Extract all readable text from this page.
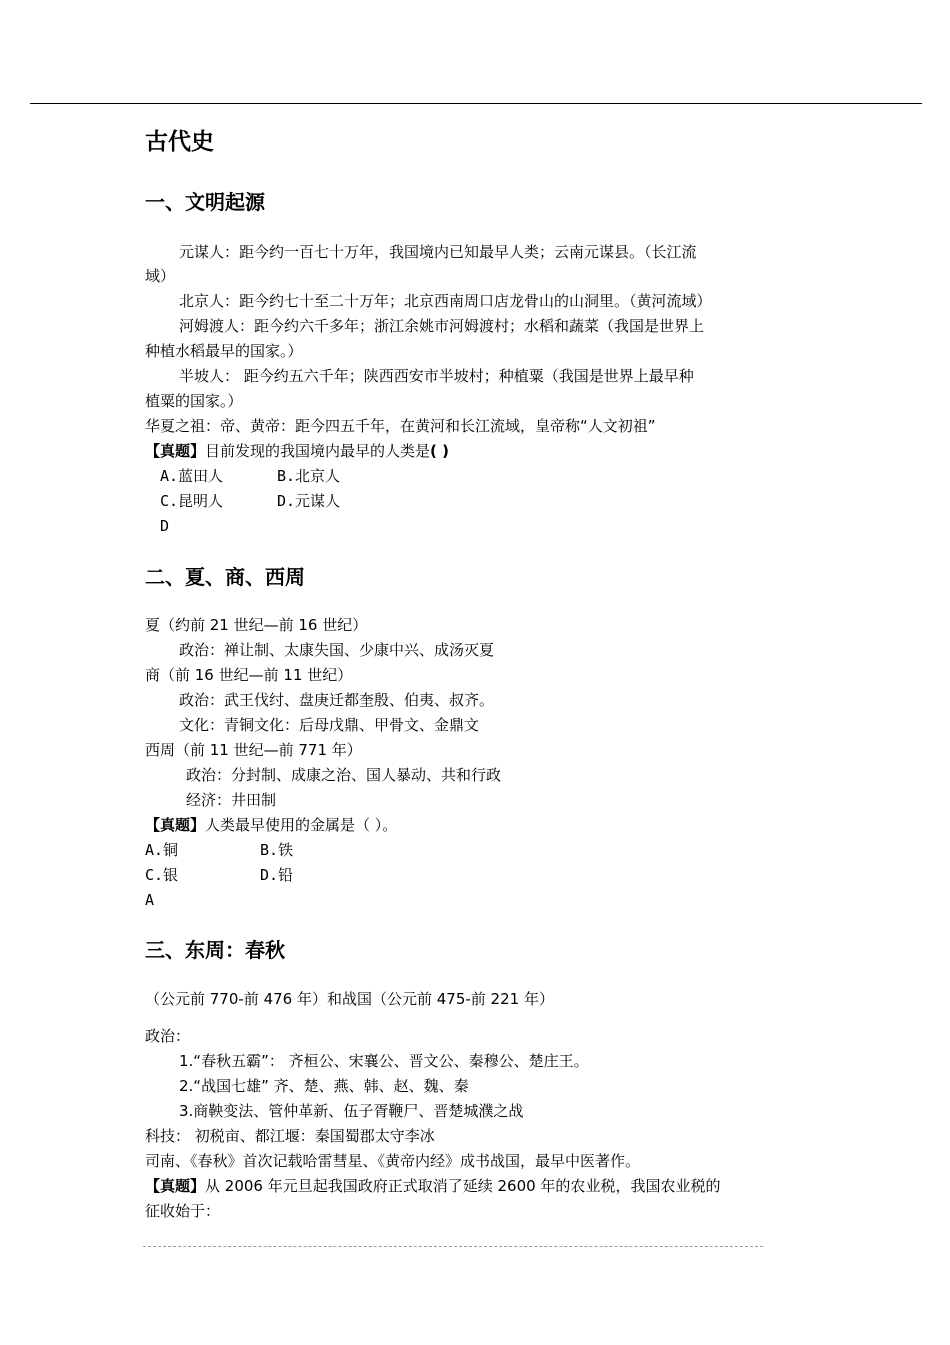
古代史
一、文明起源
元谋人：距今约一百七十万年，我国境内已知最早人类；云南元谋县。（长江流
域）
北京人：距今约七十至二十万年；北京西南周口店龙骨山的山洞里。（黄河流域）
河姆渡人：距今约六千多年；浙江余姚市河姆渡村；水稻和蔬菜（我国是世界上
种植水稻最早的国家。）
半坡人： 距今约五六千年；陕西西安市半坡村；种植粟（我国是世界上最早种
植粟的国家。）
华夏之祖：帝、黄帝：距今四五千年，在黄河和长江流域，皇帝称“人文初祖”
【真题】目前发现的我国境内最早的人类是( )
A.蓝田人	B.北京人
C.昆明人	D.元谋人
D
二、夏、商、西周
夏（约前 21 世纪—前 16 世纪）
政治：禅让制、太康失国、少康中兴、成汤灭夏
商（前 16 世纪—前 11 世纪）
政治：武王伐纣、盘庚迁都奎殷、伯夷、叔齐。
文化：青铜文化：后母戊鼎、甲骨文、金鼎文
西周（前 11 世纪—前 771 年）
政治：分封制、成康之治、国人暴动、共和行政
经济：井田制
【真题】人类最早使用的金属是（ ）。
A.铜	B.铁
C.银	D.铅
A
三、东周：春秋
（公元前 770-前 476 年）和战国（公元前 475-前 221 年）
政治：
1.“春秋五霸”： 齐桓公、宋襄公、晋文公、秦穆公、楚庄王。
2.“战国七雄” 齐、楚、燕、韩、赵、魏、秦
3.商鞅变法、管仲革新、伍子胥鞭尸、晋楚城濮之战
科技： 初税亩、都江堰：秦国蜀郡太守李冰
司南、《春秋》首次记载哈雷彗星、《黄帝内经》成书战国，最早中医著作。
【真题】从 2006 年元旦起我国政府正式取消了延续 2600 年的农业税，我国农业税的
征收始于：
